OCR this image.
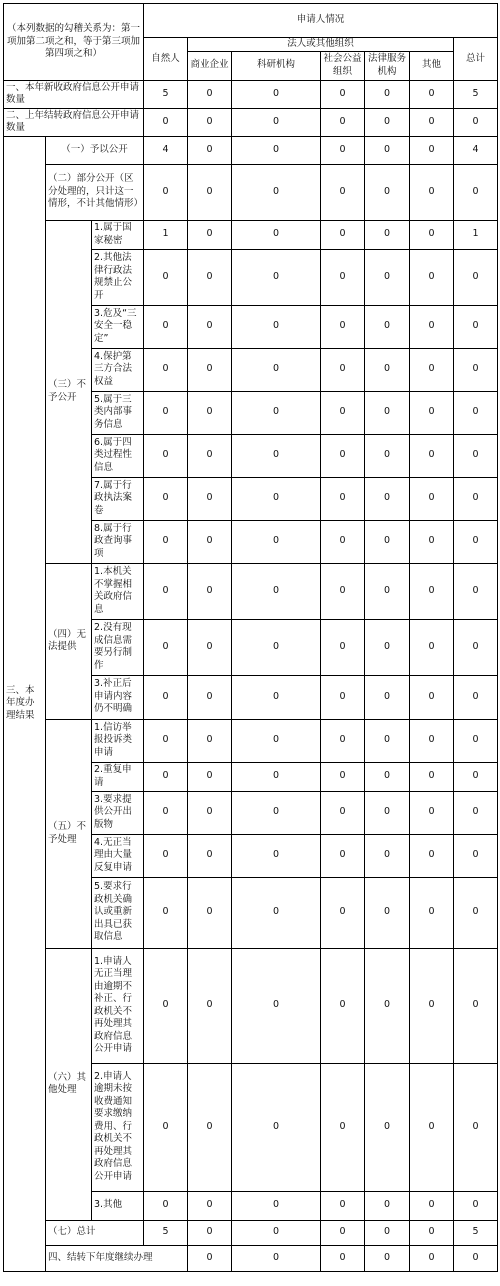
（本列数据的勾稽关系为：第一项加第二项之和，等于第三项加第四项之和）			申请人情况							
			自然人	法人或其他组织					总计	
				商业企业	科研机构	社会公益组织	法律服务机构	其他		
一、本年新收政府信息公开申请数量			5	0	0	0	0	0	5	
二、上年结转政府信息公开申请数量			0	0	0	0	0	0	0	
三、本年度办理结果	（一）予以公开		4	0	0	0	0	0	4	
	（二）部分公开（区分处理的，只计这一情形，不计其他情形）		0	0	0	0	0	0	0	
	（三）不予公开	1.属于国家秘密	1	0	0	0	0	0	1	
		2.其他法律行政法规禁止公开	0	0	0	0	0	0	0	
		3.危及“三安全一稳定”	0	0	0	0	0	0	0	
		4.保护第三方合法权益	0	0	0	0	0	0	0	
		5.属于三类内部事务信息	0	0	0	0	0	0	0	
		6.属于四类过程性信息	0	0	0	0	0	0	0	
		7.属于行政执法案卷	0	0	0	0	0	0	0	
		8.属于行政查询事项	0	0	0	0	0	0	0	
	（四）无法提供	1.本机关不掌握相关政府信息	0	0	0	0	0	0	0	
		2.没有现成信息需要另行制作	0	0	0	0	0	0	0	
		3.补正后申请内容仍不明确	0	0	0	0	0	0	0	
	（五）不予处理	1.信访举报投诉类申请	0	0	0	0	0	0	0	
		2.重复申请	0	0	0	0	0	0	0	
		3.要求提供公开出版物	0	0	0	0	0	0	0	
		4.无正当理由大量反复申请	0	0	0	0	0	0	0	
		5.要求行政机关确认或重新出具已获取信息	0	0	0	0	0	0	0	
	（六）其他处理	1.申请人无正当理由逾期不补正、行政机关不再处理其政府信息公开申请	0	0	0	0	0	0	0	
		2.申请人逾期未按收费通知要求缴纳费用、行政机关不再处理其政府信息公开申请	0	0	0	0	0	0	0	
		3.其他	0	0	0	0	0	0	0	
	（七）总计		5	0	0	0	0	0	5	
	四、结转下年度继续办理			0	0	0	0	0	0	
